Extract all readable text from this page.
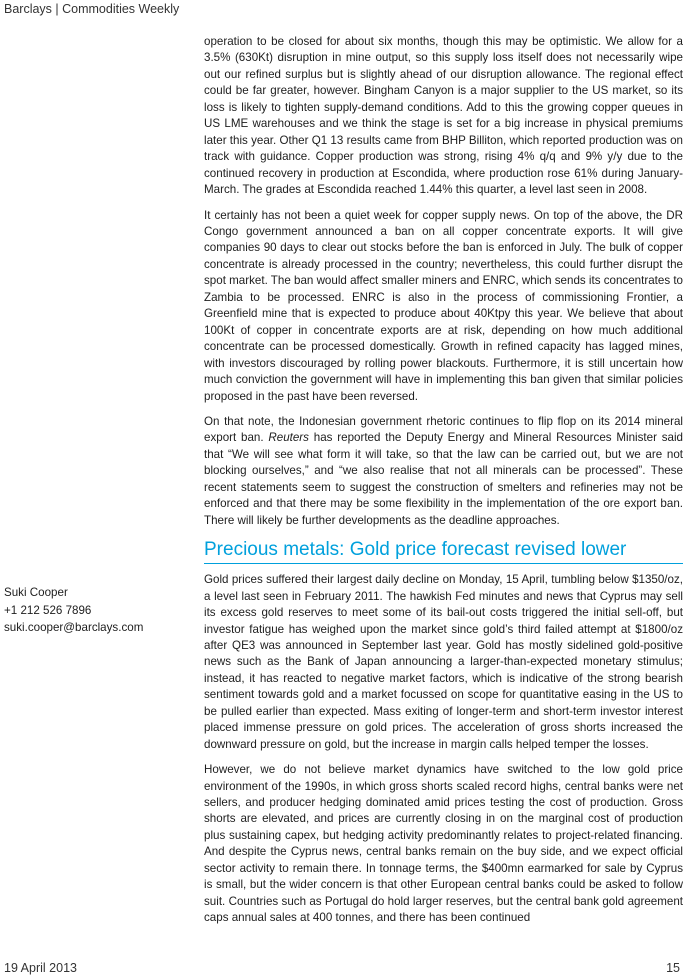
Barclays | Commodities Weekly

operation to be closed for about six months, though this may be optimistic. We allow for a 3.5% (630Kt) disruption in mine output, so this supply loss itself does not necessarily wipe out our refined surplus but is slightly ahead of our disruption allowance. The regional effect could be far greater, however. Bingham Canyon is a major supplier to the US market, so its loss is likely to tighten supply-demand conditions. Add to this the growing copper queues in US LME warehouses and we think the stage is set for a big increase in physical premiums later this year. Other Q1 13 results came from BHP Billiton, which reported production was on track with guidance. Copper production was strong, rising 4% q/q and 9% y/y due to the continued recovery in production at Escondida, where production rose 61% during January-March. The grades at Escondida reached 1.44% this quarter, a level last seen in 2008.

It certainly has not been a quiet week for copper supply news. On top of the above, the DR Congo government announced a ban on all copper concentrate exports. It will give companies 90 days to clear out stocks before the ban is enforced in July. The bulk of copper concentrate is already processed in the country; nevertheless, this could further disrupt the spot market. The ban would affect smaller miners and ENRC, which sends its concentrates to Zambia to be processed. ENRC is also in the process of commissioning Frontier, a Greenfield mine that is expected to produce about 40Ktpy this year. We believe that about 100Kt of copper in concentrate exports are at risk, depending on how much additional concentrate can be processed domestically. Growth in refined capacity has lagged mines, with investors discouraged by rolling power blackouts. Furthermore, it is still uncertain how much conviction the government will have in implementing this ban given that similar policies proposed in the past have been reversed.

On that note, the Indonesian government rhetoric continues to flip flop on its 2014 mineral export ban. Reuters has reported the Deputy Energy and Mineral Resources Minister said that “We will see what form it will take, so that the law can be carried out, but we are not blocking ourselves,” and “we also realise that not all minerals can be processed”. These recent statements seem to suggest the construction of smelters and refineries may not be enforced and that there may be some flexibility in the implementation of the ore export ban. There will likely be further developments as the deadline approaches.

Precious metals: Gold price forecast revised lower

Gold prices suffered their largest daily decline on Monday, 15 April, tumbling below $1350/oz, a level last seen in February 2011. The hawkish Fed minutes and news that Cyprus may sell its excess gold reserves to meet some of its bail-out costs triggered the initial sell-off, but investor fatigue has weighed upon the market since gold’s third failed attempt at $1800/oz after QE3 was announced in September last year. Gold has mostly sidelined gold-positive news such as the Bank of Japan announcing a larger-than-expected monetary stimulus; instead, it has reacted to negative market factors, which is indicative of the strong bearish sentiment towards gold and a market focussed on scope for quantitative easing in the US to be pulled earlier than expected. Mass exiting of longer-term and short-term investor interest placed immense pressure on gold prices. The acceleration of gross shorts increased the downward pressure on gold, but the increase in margin calls helped temper the losses.

However, we do not believe market dynamics have switched to the low gold price environment of the 1990s, in which gross shorts scaled record highs, central banks were net sellers, and producer hedging dominated amid prices testing the cost of production. Gross shorts are elevated, and prices are currently closing in on the marginal cost of production plus sustaining capex, but hedging activity predominantly relates to project-related financing. And despite the Cyprus news, central banks remain on the buy side, and we expect official sector activity to remain there. In tonnage terms, the $400mn earmarked for sale by Cyprus is small, but the wider concern is that other European central banks could be asked to follow suit. Countries such as Portugal do hold larger reserves, but the central bank gold agreement caps annual sales at 400 tonnes, and there has been continued

Suki Cooper
+1 212 526 7896
suki.cooper@barclays.com
19 April 2013	15
